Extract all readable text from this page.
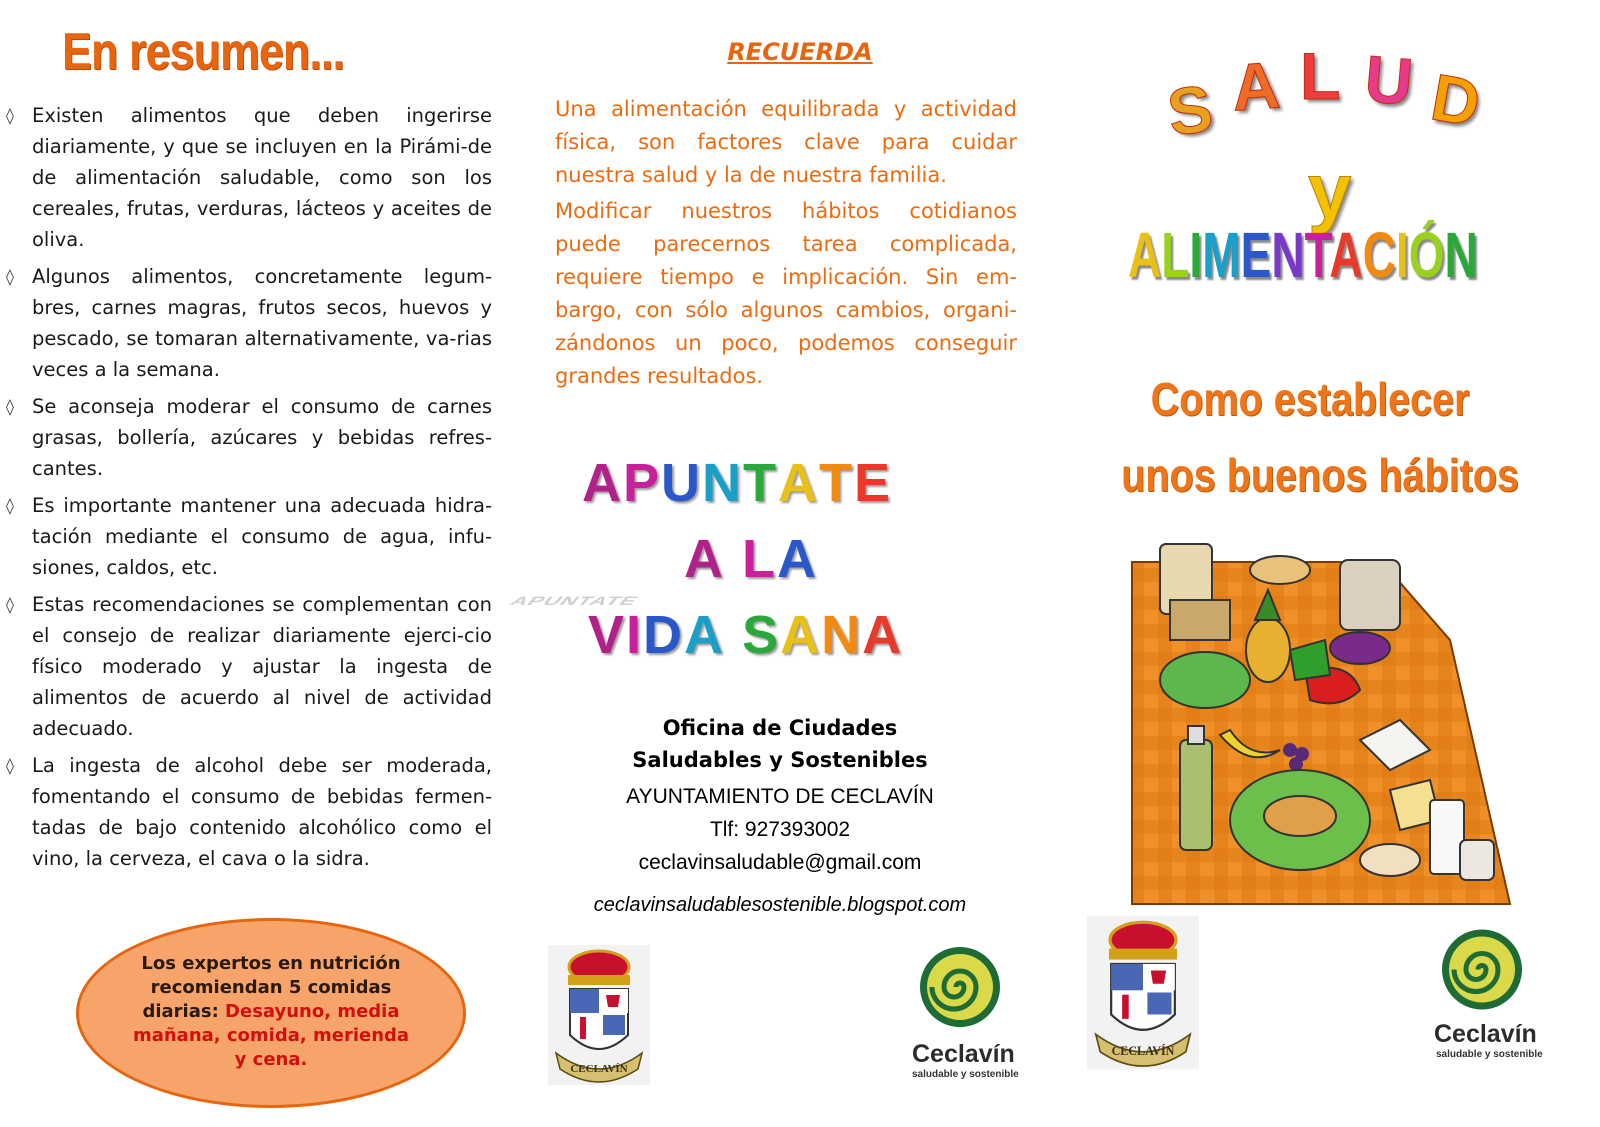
En resumen...
◊ Existen alimentos que deben ingerirse diariamente, y que se incluyen en la Pirámi-de de alimentación saludable, como son los cereales, frutas, verduras, lácteos y aceites de oliva.
◊ Algunos alimentos, concretamente legum-bres, carnes magras, frutos secos, huevos y pescado, se tomaran alternativamente, va-rias veces a la semana.
◊ Se aconseja moderar el consumo de carnes grasas, bollería, azúcares y bebidas refres-cantes.
◊ Es importante mantener una adecuada hidra-tación mediante el consumo de agua, infu-siones, caldos, etc.
◊ Estas recomendaciones se complementan con el consejo de realizar diariamente ejerci-cio físico moderado y ajustar la ingesta de alimentos de acuerdo al nivel de actividad adecuado.
◊ La ingesta de alcohol debe ser moderada, fomentando el consumo de bebidas fermen-tadas de bajo contenido alcohólico como el vino, la cerveza, el cava o la sidra.
Los expertos en nutrición recomiendan 5 comidas diarias: Desayuno, media mañana, comida, merienda y cena.
RECUERDA

Una alimentación equilibrada y actividad física, son factores clave para cuidar nuestra salud y la de nuestra familia.

Modificar nuestros hábitos cotidianos puede parecernos tarea complicada, requiere tiempo e implicación. Sin em-bargo, con sólo algunos cambios, organi-zándonos un poco, podemos conseguir grandes resultados.

APUNTATE
APUNTATE
A LA
VIDA SANA
Oficina de Ciudades
Saludables y Sostenibles
AYUNTAMIENTO DE CECLAVÍN
Tlf: 927393002
ceclavinsaludable@gmail.com
ceclavinsaludablesostenible.blogspot.com
CECLAVÍN
Ceclavín
saludable y sostenible
S A L U D
y
ALIMENTACIÓN
Como establecer
unos buenos hábitos
CECLAVÍN
Ceclavín
saludable y sostenible
